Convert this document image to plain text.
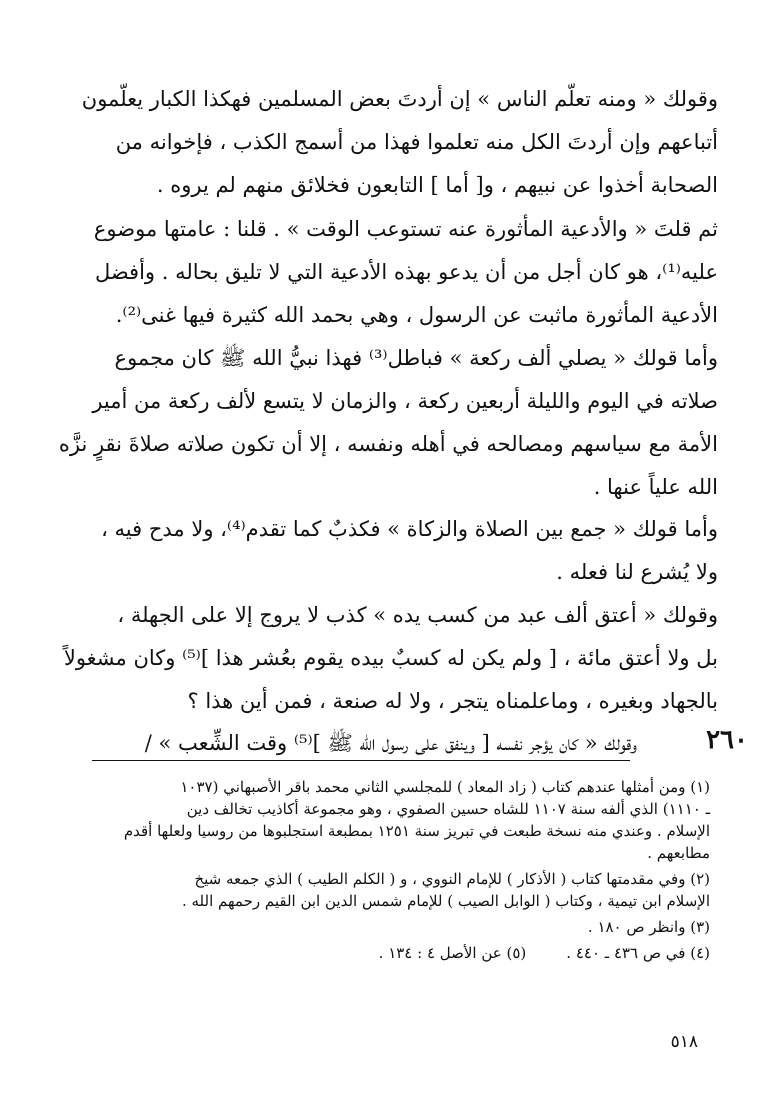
وقولك « ومنه تعلّم الناس » إن أردتَ بعض المسلمين فهكذا الكبار يعلّمون
أتباعهم وإن أردتَ الكل منه تعلموا فهذا من أسمج الكذب ، فإخوانه من
الصحابة أخذوا عن نبيهم ، و[ أما ] التابعون فخلائق منهم لم يروه .

ثم قلتَ « والأدعية المأثورة عنه تستوعب الوقت » . قلنا : عامتها موضوع
عليه⁽¹⁾، هو كان أجل من أن يدعو بهذه الأدعية التي لا تليق بحاله . وأفضل
الأدعية المأثورة ماثبت عن الرسول ، وهي بحمد الله كثيرة فيها غنى⁽²⁾.

وأما قولك « يصلي ألف ركعة » فباطل⁽³⁾ فهذا نبيُّ الله ﷺ كان مجموع
صلاته في اليوم والليلة أربعين ركعة ، والزمان لا يتسع لألف ركعة من أمير
الأمة مع سياسهم ومصالحه في أهله ونفسه ، إلا أن تكون صلاته صلاةَ نقرٍ نزَّه
الله علياً عنها .

وأما قولك « جمع بين الصلاة والزكاة » فكذبٌ كما تقدم⁽⁴⁾، ولا مدح فيه ،
ولا يُشرع لنا فعله .

وقولك « أعتق ألف عبد من كسب يده » كذب لا يروج إلا على الجهلة ،
بل ولا أعتق مائة ، [ ولم يكن له كسبٌ بيده يقوم بعُشر هذا ]⁽⁵⁾ وكان مشغولاً
بالجهاد وبغيره ، وماعلمناه يتجر ، ولا له صنعة ، فمن أين هذا ؟

وقولك « كان يؤجر نفسه [ وينفق على رسول الله ﷺ ]⁽⁵⁾ وقت الشِّعب » /	٢٦٠

(١) ومن أمثلها عندهم كتاب ( زاد المعاد ) للمجلسي الثاني محمد باقر الأصبهاني (١٠٣٧
ـ ١١١٠) الذي ألفه سنة ١١٠٧ للشاه حسين الصفوي ، وهو مجموعة أكاذيب تخالف دين
الإسلام . وعندي منه نسخة طبعت في تبريز سنة ١٢٥١ بمطبعة استجلبوها من روسيا ولعلها أقدم
مطابعهم .

(٢) وفي مقدمتها كتاب ( الأذكار ) للإمام النووي ، و ( الكلم الطيب ) الذي جمعه شيخ
الإسلام ابن تيمية ، وكتاب ( الوابل الصيب ) للإمام شمس الدين ابن القيم رحمهم الله .

(٣) وانظر ص ١٨٠ .

(٤) في ص ٤٣٦ ـ ٤٤٠ .
(٥) عن الأصل ٤ : ١٣٤ .

٥١٨
